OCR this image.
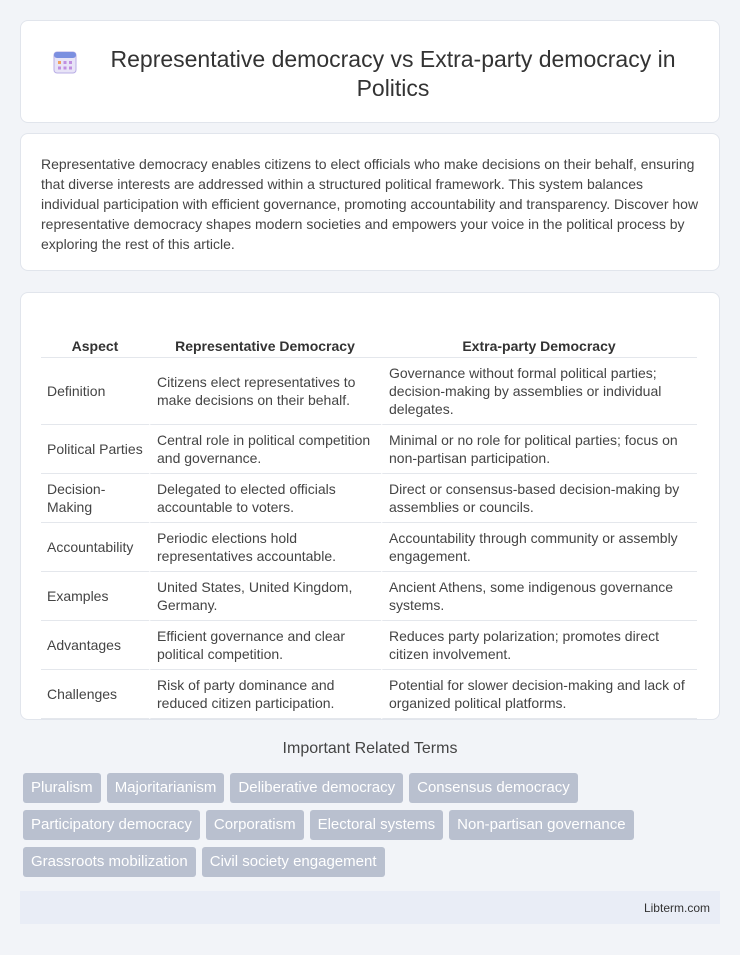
Representative democracy vs Extra-party democracy in Politics

Representative democracy enables citizens to elect officials who make decisions on their behalf, ensuring that diverse interests are addressed within a structured political framework. This system balances individual participation with efficient governance, promoting accountability and transparency. Discover how representative democracy shapes modern societies and empowers your voice in the political process by exploring the rest of this article.

Aspect	Representative Democracy	Extra-party Democracy
Definition	Citizens elect representatives to make decisions on their behalf.	Governance without formal political parties; decision-making by assemblies or individual delegates.
Political Parties	Central role in political competition and governance.	Minimal or no role for political parties; focus on non-partisan participation.
Decision-Making	Delegated to elected officials accountable to voters.	Direct or consensus-based decision-making by assemblies or councils.
Accountability	Periodic elections hold representatives accountable.	Accountability through community or assembly engagement.
Examples	United States, United Kingdom, Germany.	Ancient Athens, some indigenous governance systems.
Advantages	Efficient governance and clear political competition.	Reduces party polarization; promotes direct citizen involvement.
Challenges	Risk of party dominance and reduced citizen participation.	Potential for slower decision-making and lack of organized political platforms.
Important Related Terms
Pluralism	Majoritarianism	Deliberative democracy	Consensus democracy
Participatory democracy	Corporatism	Electoral systems	Non-partisan governance
Grassroots mobilization	Civil society engagement
Libterm.com
